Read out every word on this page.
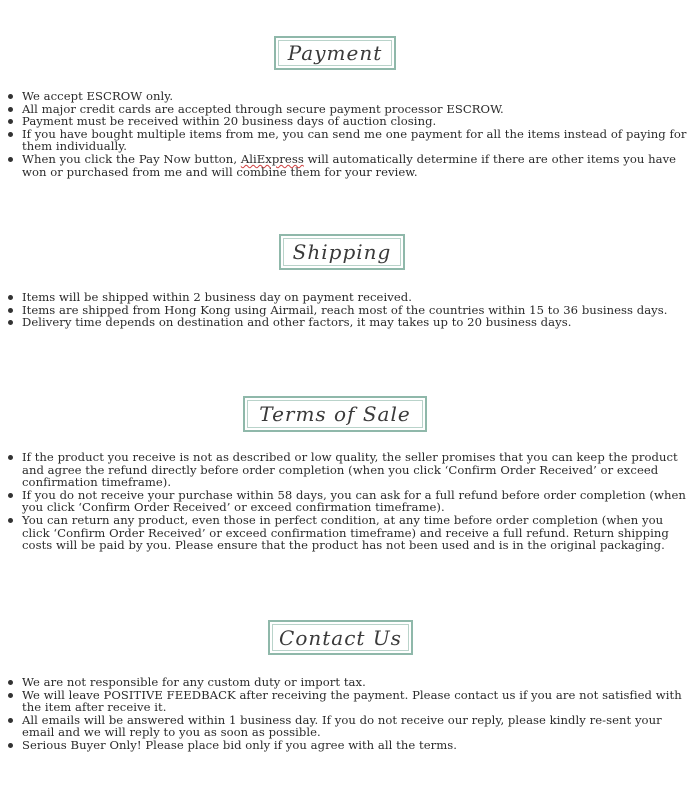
Payment
We accept ESCROW only.
All major credit cards are accepted through secure payment processor ESCROW.
Payment must be received within 20 business days of auction closing.
If you have bought multiple items from me, you can send me one payment for all the items instead of paying for them individually.
When you click the Pay Now button, AliExpress will automatically determine if there are other items you have won or purchased from me and will combine them for your review.
Shipping
Items will be shipped within 2 business day on payment received.
Items are shipped from Hong Kong using Airmail, reach most of the countries within 15 to 36 business days.
Delivery time depends on destination and other factors, it may takes up to 20 business days.
Terms of Sale
If the product you receive is not as described or low quality, the seller promises that you can keep the product and agree the refund directly before order completion (when you click ‘Confirm Order Received’ or exceed confirmation timeframe).
If you do not receive your purchase within 58 days, you can ask for a full refund before order completion (when you click ‘Confirm Order Received’ or exceed confirmation timeframe).
You can return any product, even those in perfect condition, at any time before order completion (when you click ‘Confirm Order Received’ or exceed confirmation timeframe) and receive a full refund. Return shipping costs will be paid by you. Please ensure that the product has not been used and is in the original packaging.
Contact Us
We are not responsible for any custom duty or import tax.
We will leave POSITIVE FEEDBACK after receiving the payment. Please contact us if you are not satisfied with the item after receive it.
All emails will be answered within 1 business day. If you do not receive our reply, please kindly re-sent your email and we will reply to you as soon as possible.
Serious Buyer Only! Please place bid only if you agree with all the terms.
